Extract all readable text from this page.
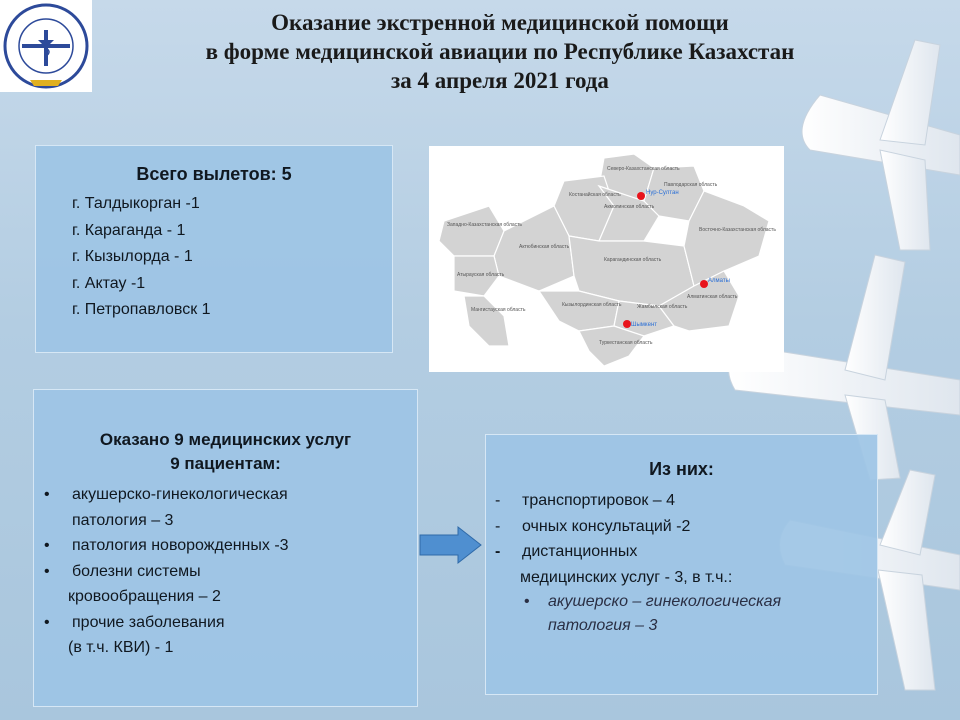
Оказание экстренной медицинской помощи
в форме медицинской авиации по Республике Казахстан
за 4 апреля 2021 года
Всего вылетов: 5
г. Талдыкорган -1
г. Караганда - 1
г. Кызылорда - 1
г. Актау -1
г. Петропавловск 1
Северо-Казахстанская область
Костанайская область
Акмолинская область
Павлодарская область
Западно-Казахстанская область
Актюбинская область
Карагандинская область
Восточно-Казахстанская область
Атырауская область
Мангистауская область
Кызылординская область	Жамбылская область
Алматинская область
Туркестанская область
Нур-Султан
Алматы
Шымкент
Оказано 9 медицинских услуг
9 пациентам:
• акушерско-гинекологическая
патология – 3
• патология новорожденных -3
• болезни системы
кровообращения – 2
• прочие заболевания
(в т.ч. КВИ) - 1
Из них:
- транспортировок – 4
- очных консультаций -2
- дистанционных
медицинских услуг - 3, в т.ч.:
• акушерско – гинекологическая
патология – 3
